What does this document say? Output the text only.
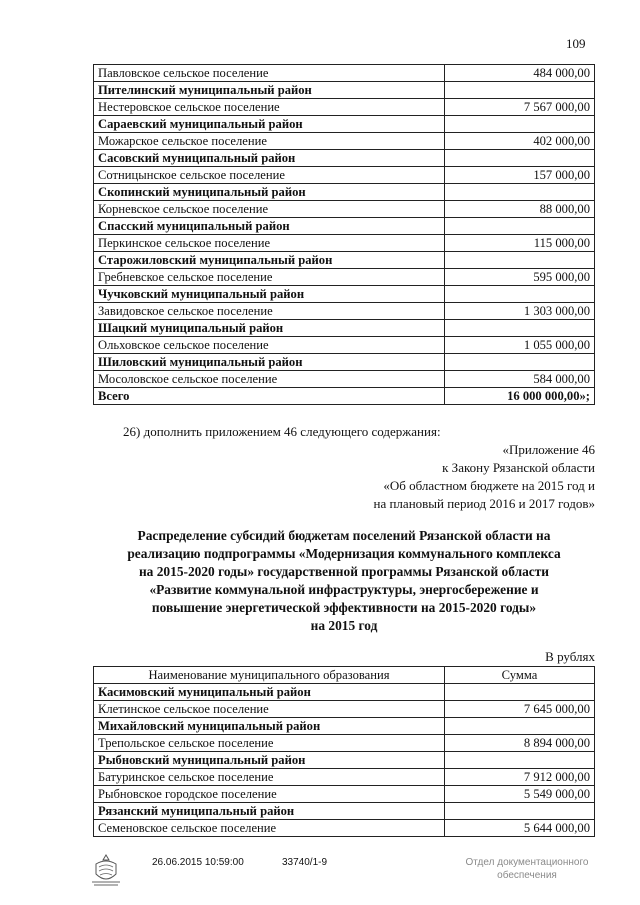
109
Павловское сельское поселение	484 000,00
Пителинский муниципальный район	
Нестеровское сельское поселение	7 567 000,00
Сараевский муниципальный район	
Можарское сельское поселение	402 000,00
Сасовский муниципальный район	
Сотницынское сельское поселение	157 000,00
Скопинский муниципальный район	
Корневское сельское поселение	88 000,00
Спасский муниципальный район	
Перкинское сельское поселение	115 000,00
Старожиловский муниципальный район	
Гребневское сельское поселение	595 000,00
Чучковский муниципальный район	
Завидовское сельское поселение	1 303 000,00
Шацкий муниципальный район	
Ольховское сельское поселение	1 055 000,00
Шиловский муниципальный район	
Мосоловское сельское поселение	584 000,00
Всего	16 000 000,00»;
26) дополнить приложением 46 следующего содержания:
«Приложение 46
к Закону Рязанской области
«Об областном бюджете на 2015 год и
на плановый период 2016 и 2017 годов»
Распределение субсидий бюджетам поселений Рязанской области на
реализацию подпрограммы «Модернизация коммунального комплекса
на 2015-2020 годы» государственной программы Рязанской области
«Развитие коммунальной инфраструктуры, энергосбережение и
повышение энергетической эффективности на 2015-2020 годы»
на 2015 год
В рублях
Наименование муниципального образования	Сумма
Касимовский муниципальный район	
Клетинское сельское поселение	7 645 000,00
Михайловский муниципальный район	
Трепольское сельское поселение	8 894 000,00
Рыбновский муниципальный район	
Батуринское сельское поселение	7 912 000,00
Рыбновское городское поселение	5 549 000,00
Рязанский муниципальный район	
Семеновское сельское поселение	5 644 000,00
26.06.2015 10:59:00	33740/1-9	Отдел документационного
обеспечения
